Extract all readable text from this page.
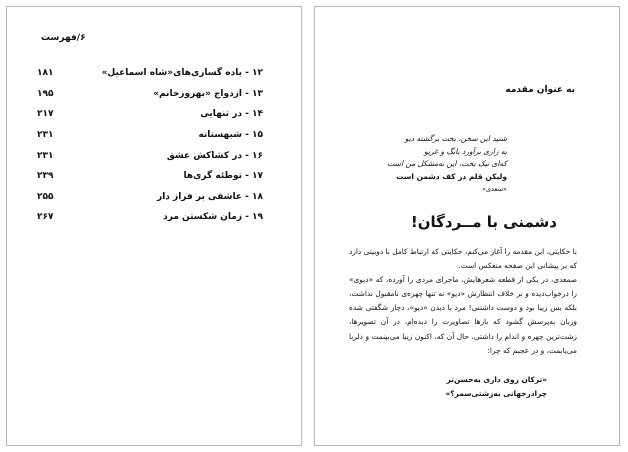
۶/فهرست
۱۸۱	۱۲ - باده گساری‌های«شاه اسماعیل»
۱۹۵	۱۳ - ازدواج «بهروزخانم»
۲۱۷	۱۴ - در تنهایی
۲۳۱	۱۵ - شبهستانه
۲۳۱	۱۶ - در کشاکش عشق
۲۳۹	۱۷ - توطئه گری‌ها
۲۵۵	۱۸ - عاشقی بر فراز دار
۲۶۷	۱۹ - زمان شکستن مرد
به عنوان مقدمه
شنید این سخن، بخت برگشته دیو
به زاری برآورد بانگ و غریو
که‌ای نیک بخت، این نه‌مشکل من است
ولیکن قلم در کف دشمن است
«سعدی»
دشمنی با مــردگان!

با حکایتی، این مقدمه را آغاز می‌کنم، حکایتی که ارتباط کامل با دوبیتی دارد که بر پیشانی این صفحه منعکس است.

صمعدی، در یکی از قطعه شعرهایش، ماجرای مردی را آورده، که «دیوی» را درخواب‌دیده‌ و بر خلاف انتظارش «دیو» نه تنها چهره‌ی نامقبول نداشت، بلکه بس زیبا بود و دوست داشتنی! مرد با دیدن «دیو»، دچار شگفتی شده وزبان به‌پرسش گشود که بارها تصاویرت را دیده‌ام، در آن تصویرها، زشت‌ترین چهره و اندام را داشتی، حال آن که، اکنون زیبا می‌بینمت و دلربا می‌یابمت، و در عجبم که چرا:

«ترکان روی داری به‌حسن‌تر
چرادرجهانی به‌زشتی‌سمر؟»
